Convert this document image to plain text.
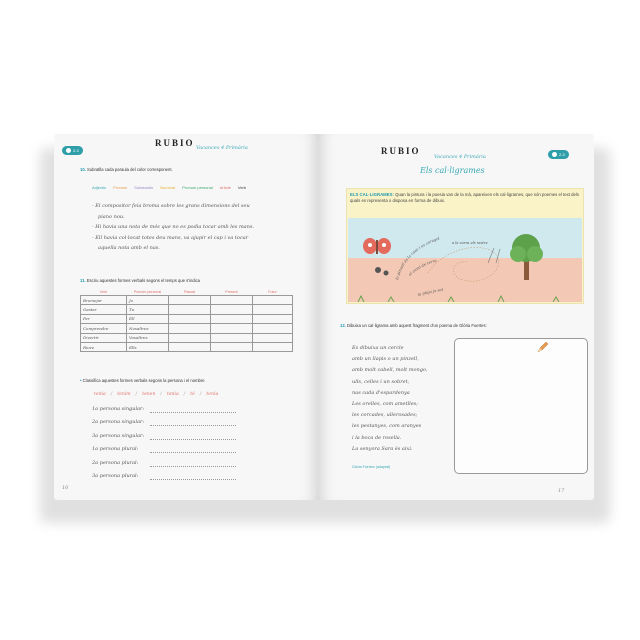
RUBIO Vacances 4 Primària
2-3
10. Subratlla cada paraula del color corresponent.
Adjectiu Pronom Substantiu Numeral Pronom personal Article Verb
- El compositor feia broma sobre les grans dimensions del seu
piano nou.
- Hi havia una nota de més que no es podia tocar amb les mans.
- Ell havia col·locat totes deu mans, va ajupir el cap i va tocar
aquella nota amb el nas.
11. Escriu aquestes formes verbals segons el temps que s'indica
Verb	Pronom personal	Passat	Present	Futur
Bromejar	Jo			
Gastar	Tu			
Fer	Ell			
Comprendre	Nosaltres			
Divertir	Vosaltres			
Riure	Ells			
• Classifica aquestes formes verbals segons la persona i el nombre
tenia / tenim / tenen / tenia / té / teniu
1a persona singular:
2a persona singular:
3a persona singular:
1a persona plural:
2a persona plural:
3a persona plural:
16
RUBIO
Vacances 4 Primària	2-3
Els cal·ligrames
ELS CAL·LIGRAMES: Quan la pintura i la poesia van de la mà, apareixen els cal·ligrames, que són poemes el text dels quals es representa o disposa en forma de dibuix.
la pinzell és la casa i es caragol
el camí de terra
la pluja ja sol
a la sorra els rastre
12. Dibuixa un cal·ligrama amb aquest fragment d'un poema de Glòria Fuertes:
Es dibuixa un cercle
amb un llapis o un pinzell,
amb molt cabell, molt mongo,
ulls, celles i un sobret,
nas cada d'espardenya
Les orelles, com ametlles;
les corcades, ullerosades;
les pestanyes, com aranyes
i la boca de rosella.
La senyora Sara és així.
Glòria Fuertes (adaptat)
17
